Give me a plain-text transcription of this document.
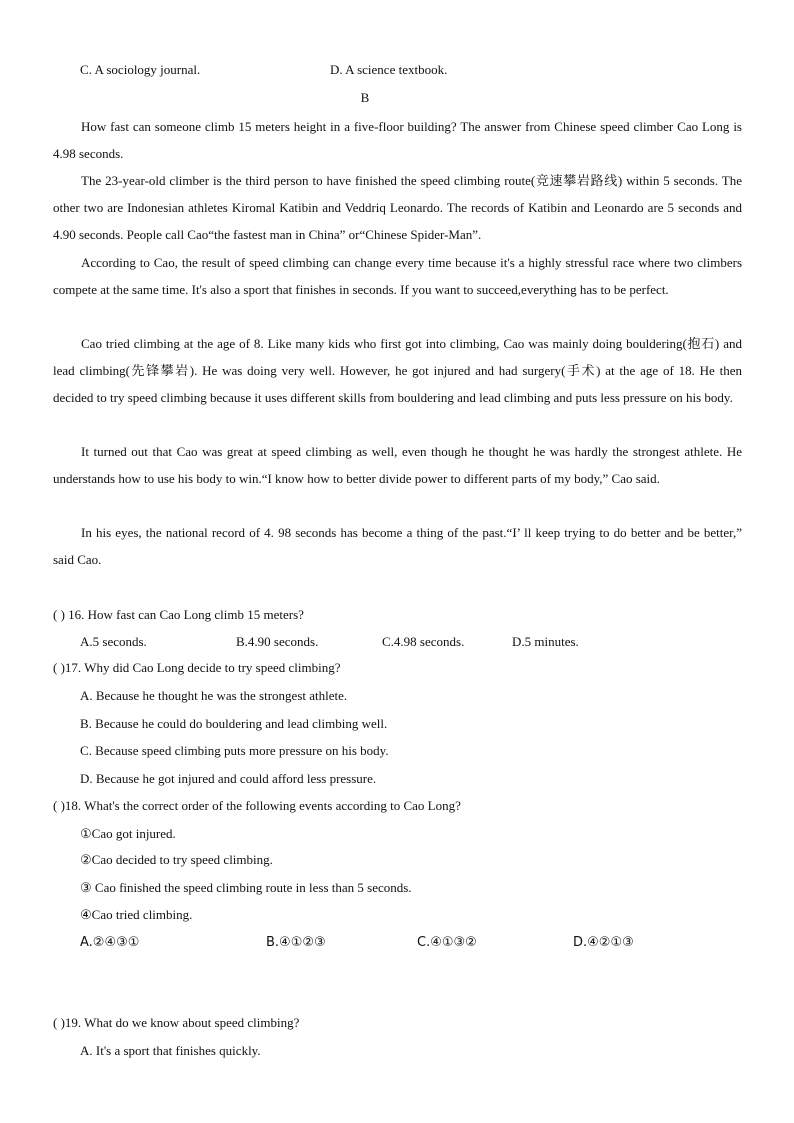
C. A sociology journal.	D. A science textbook.
B
How fast can someone climb 15 meters height in a five-floor building? The answer from Chinese speed climber Cao Long is 4.98 seconds.
The 23-year-old climber is the third person to have finished the speed climbing route(竞速攀岩路线) within 5 seconds. The other two are Indonesian athletes Kiromal Katibin and Veddriq Leonardo. The records of Katibin and Leonardo are 5 seconds and 4.90 seconds. People call Cao“the fastest man in China” or“Chinese Spider-Man”.
According to Cao, the result of speed climbing can change every time because it's a highly stressful race where two climbers compete at the same time. It's also a sport that finishes in seconds. If you want to succeed,everything has to be perfect.
Cao tried climbing at the age of 8. Like many kids who first got into climbing, Cao was mainly doing bouldering(抱石) and lead climbing(先锋攀岩). He was doing very well. However, he got injured and had surgery(手术) at the age of 18. He then decided to try speed climbing because it uses different skills from bouldering and lead climbing and puts less pressure on his body.
It turned out that Cao was great at speed climbing as well, even though he thought he was hardly the strongest athlete. He understands how to use his body to win.“I know how to better divide power to different parts of my body,” Cao said.
In his eyes, the national record of 4. 98 seconds has become a thing of the past.“I’ ll keep trying to do better and be better,” said Cao.
( ) 16. How fast can Cao Long climb 15 meters?
A.5 seconds.	B.4.90 seconds.	C.4.98 seconds.	D.5 minutes.
( )17. Why did Cao Long decide to try speed climbing?
A. Because he thought he was the strongest athlete.
B. Because he could do bouldering and lead climbing well.
C. Because speed climbing puts more pressure on his body.
D. Because he got injured and could afford less pressure.
( )18. What's the correct order of the following events according to Cao Long?
①Cao got injured.
②Cao decided to try speed climbing.
③ Cao finished the speed climbing route in less than 5 seconds.
④Cao tried climbing.
A.②④③①	B.④①②③	C.④①③②	D.④②①③
( )19. What do we know about speed climbing?
A. It's a sport that finishes quickly.
